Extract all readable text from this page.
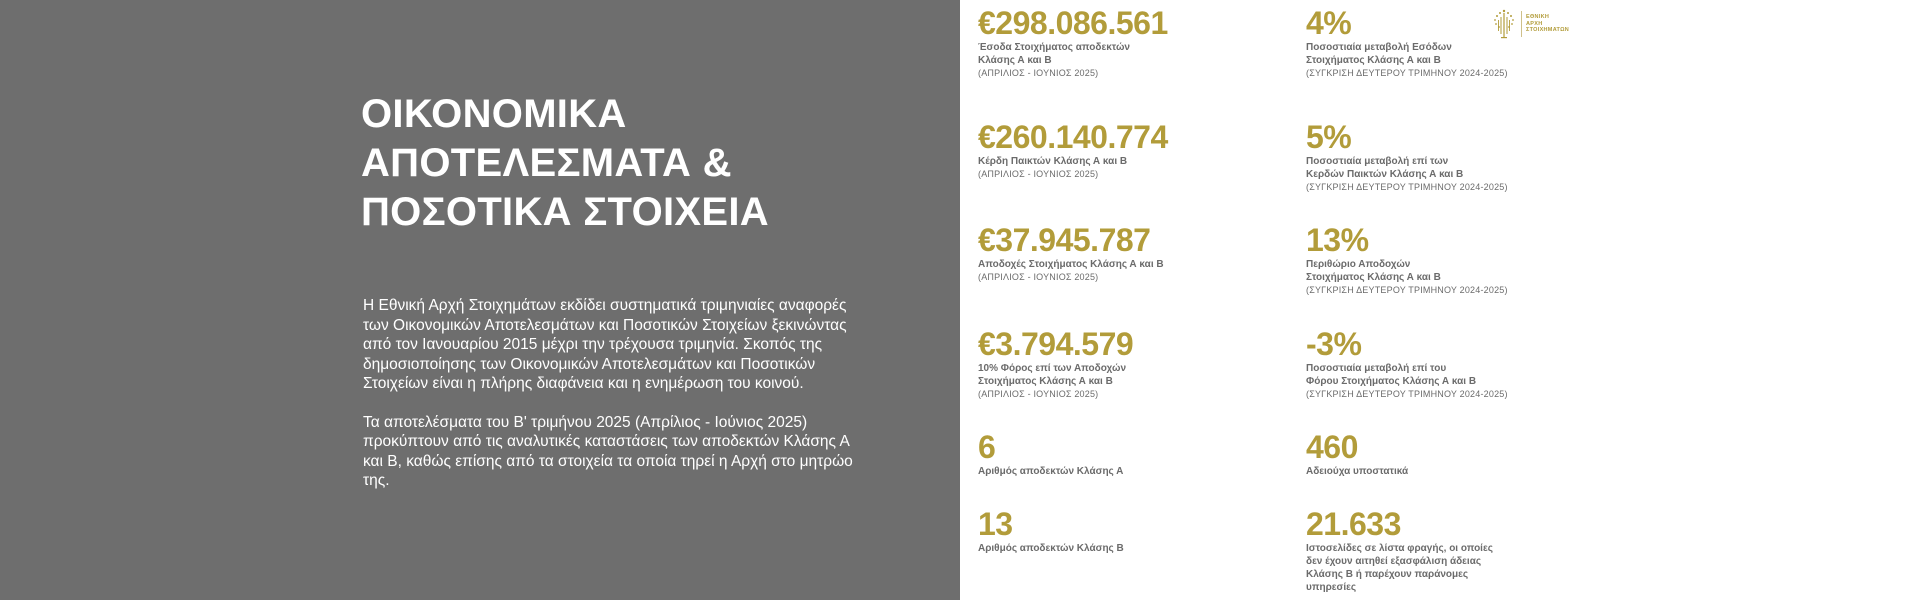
ΟΙΚΟΝΟΜΙΚΑ
ΑΠΟΤΕΛΕΣΜΑΤΑ &
ΠΟΣΟΤΙΚΑ ΣΤΟΙΧΕΙΑ

Η Εθνική Αρχή Στοιχημάτων εκδίδει συστηματικά τριμηνιαίες αναφορές των Οικονομικών Αποτελεσμάτων και Ποσοτικών Στοιχείων ξεκινώντας από τον Ιανουαρίου 2015 μέχρι την τρέχουσα τριμηνία. Σκοπός της δημοσιοποίησης των Οικονομικών Αποτελεσμάτων και Ποσοτικών Στοιχείων είναι η πλήρης διαφάνεια και η ενημέρωση του κοινού.

Τα αποτελέσματα του Β' τριμήνου 2025 (Απρίλιος - Ιούνιος 2025) προκύπτουν από τις αναλυτικές καταστάσεις των αποδεκτών Κλάσης Α και Β, καθώς επίσης από τα στοιχεία τα οποία τηρεί η Αρχή στο μητρώο της.

€298.086.561
Έσοδα Στοιχήματος αποδεκτών
Κλάσης Α και Β
(ΑΠΡΙΛΙΟΣ - ΙΟΥΝΙΟΣ 2025)
€260.140.774
Κέρδη Παικτών Κλάσης Α και Β
(ΑΠΡΙΛΙΟΣ - ΙΟΥΝΙΟΣ 2025)
€37.945.787
Αποδοχές Στοιχήματος Κλάσης Α και Β
(ΑΠΡΙΛΙΟΣ - ΙΟΥΝΙΟΣ 2025)
€3.794.579
10% Φόρος επί των Αποδοχών
Στοιχήματος Κλάσης Α και Β
(ΑΠΡΙΛΙΟΣ - ΙΟΥΝΙΟΣ 2025)
6
Αριθμός αποδεκτών Κλάσης Α
13
Αριθμός αποδεκτών Κλάσης Β
4%
Ποσοστιαία μεταβολή Εσόδων
Στοιχήματος Κλάσης Α και Β
(ΣΥΓΚΡΙΣΗ ΔΕΥΤΕΡΟΥ ΤΡΙΜΗΝΟΥ 2024-2025)
5%
Ποσοστιαία μεταβολή επί των
Κερδών Παικτών Κλάσης Α και Β
(ΣΥΓΚΡΙΣΗ ΔΕΥΤΕΡΟΥ ΤΡΙΜΗΝΟΥ 2024-2025)
13%
Περιθώριο Αποδοχών
Στοιχήματος Κλάσης Α και Β
(ΣΥΓΚΡΙΣΗ ΔΕΥΤΕΡΟΥ ΤΡΙΜΗΝΟΥ 2024-2025)
-3%
Ποσοστιαία μεταβολή επί του
Φόρου Στοιχήματος Κλάσης Α και Β
(ΣΥΓΚΡΙΣΗ ΔΕΥΤΕΡΟΥ ΤΡΙΜΗΝΟΥ 2024-2025)
460
Αδειούχα υποστατικά
21.633
Ιστοσελίδες σε λίστα φραγής, οι οποίες
δεν έχουν αιτηθεί εξασφάλιση άδειας
Κλάσης Β ή παρέχουν παράνομες
υπηρεσίες
ΕΘΝΙΚΗ
ΑΡΧΗ
ΣΤΟΙΧΗΜΑΤΩΝ
